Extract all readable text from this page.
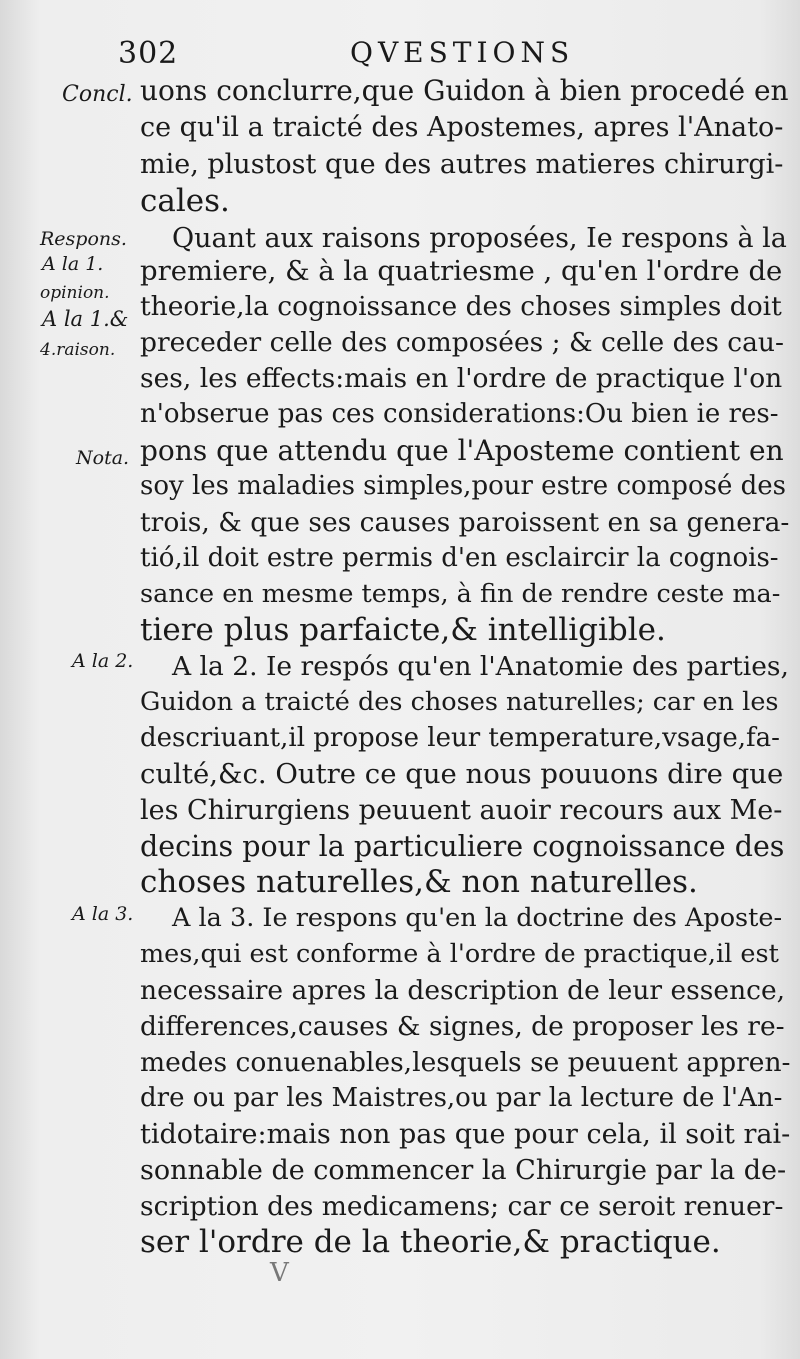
302	QVESTIONS
Concl.
Respons.
A la 1.
opinion.
A la 1.&
4.raison.
Nota.
A la 2.
A la 3.
uons conclurre,que Guidon à bien procedé en
ce qu'il a traicté des Apostemes, apres l'Anato-
mie, plustost que des autres matieres chirurgi-
cales.
Quant aux raisons proposées, Ie respons à la
premiere, & à la quatriesme , qu'en l'ordre de
theorie,la cognoissance des choses simples doit
preceder celle des composées ; & celle des cau-
ses, les effects:mais en l'ordre de practique l'on
n'obserue pas ces considerations:Ou bien ie res-
pons que attendu que l'Aposteme contient en
soy les maladies simples,pour estre composé des
trois, & que ses causes paroissent en sa genera-
tió,il doit estre permis d'en esclaircir la cognois-
sance en mesme temps, à fin de rendre ceste ma-
tiere plus parfaicte,& intelligible.
A la 2. Ie respós qu'en l'Anatomie des parties,
Guidon a traicté des choses naturelles; car en les
descriuant,il propose leur temperature,vsage,fa-
culté,&c. Outre ce que nous pouuons dire que
les Chirurgiens peuuent auoir recours aux Me-
decins pour la particuliere cognoissance des
choses naturelles,& non naturelles.
A la 3. Ie respons qu'en la doctrine des Aposte-
mes,qui est conforme à l'ordre de practique,il est
necessaire apres la description de leur essence,
differences,causes & signes, de proposer les re-
medes conuenables,lesquels se peuuent appren-
dre ou par les Maistres,ou par la lecture de l'An-
tidotaire:mais non pas que pour cela, il soit rai-
sonnable de commencer la Chirurgie par la de-
scription des medicamens; car ce seroit renuer-
ser l'ordre de la theorie,& practique.
V
